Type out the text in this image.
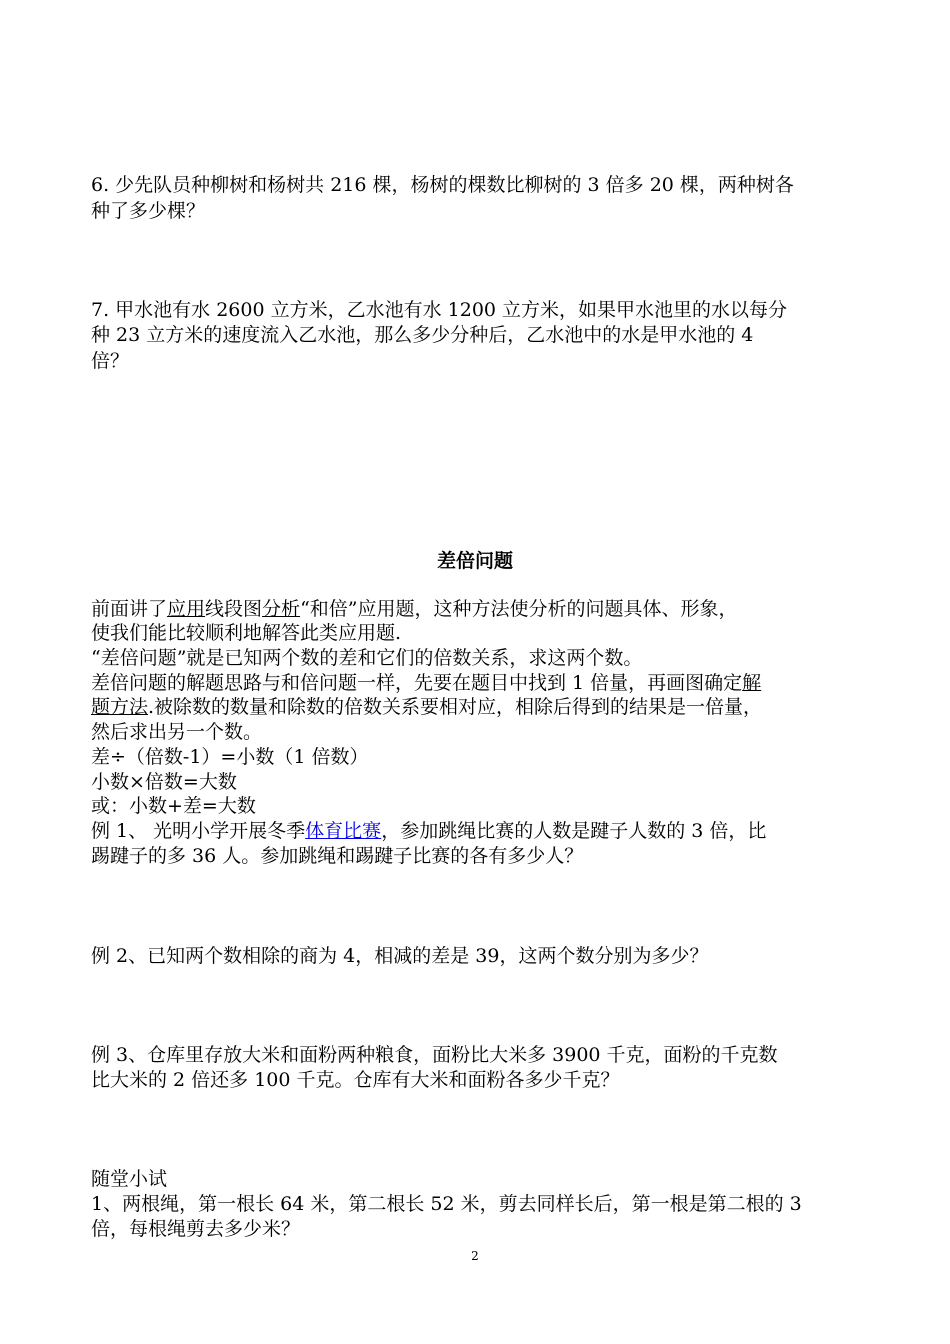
6. 少先队员种柳树和杨树共 216 棵，杨树的棵数比柳树的 3 倍多 20 棵，两种树各
种了多少棵？
7. 甲水池有水 2600 立方米，乙水池有水 1200 立方米，如果甲水池里的水以每分
种 23 立方米的速度流入乙水池，那么多少分种后，乙水池中的水是甲水池的 4
倍？
差倍问题
前面讲了应用线段图分析“和倍”应用题，这种方法使分析的问题具体、形象，
使我们能比较顺利地解答此类应用题.
“差倍问题”就是已知两个数的差和它们的倍数关系，求这两个数。
差倍问题的解题思路与和倍问题一样，先要在题目中找到 1 倍量，再画图确定解
题方法.被除数的数量和除数的倍数关系要相对应，相除后得到的结果是一倍量，
然后求出另一个数。
差÷（倍数-1）=小数（1 倍数）
小数×倍数=大数
或：小数+差=大数
例 1、 光明小学开展冬季体育比赛，参加跳绳比赛的人数是踺子人数的 3 倍，比
踢踺子的多 36 人。参加跳绳和踢踺子比赛的各有多少人？
例 2、已知两个数相除的商为 4，相减的差是 39，这两个数分别为多少？
例 3、仓库里存放大米和面粉两种粮食，面粉比大米多 3900 千克，面粉的千克数
比大米的 2 倍还多 100 千克。仓库有大米和面粉各多少千克？
随堂小试
1、两根绳，第一根长 64 米，第二根长 52 米，剪去同样长后，第一根是第二根的 3
倍，每根绳剪去多少米？
2
